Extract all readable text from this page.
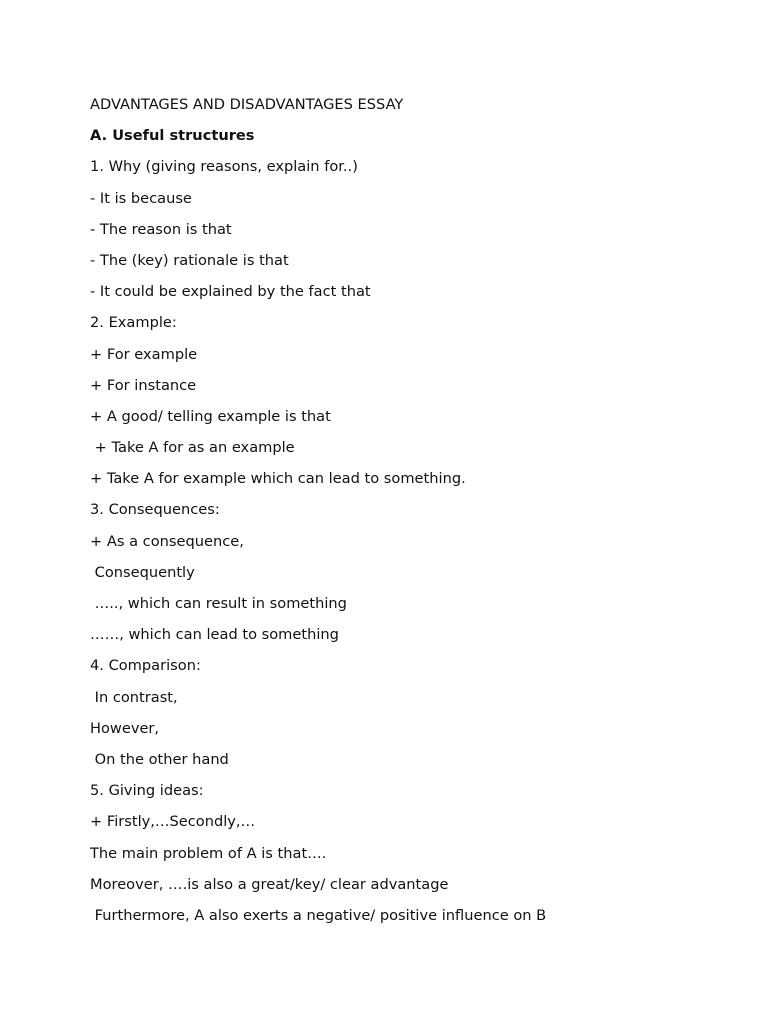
ADVANTAGES AND DISADVANTAGES ESSAY
A. Useful structures
1. Why (giving reasons, explain for..)
- It is because
- The reason is that
- The (key) rationale is that
- It could be explained by the fact that
2. Example:
+ For example
+ For instance
+ A good/ telling example is that
+ Take A for as an example
+ Take A for example which can lead to something.
3. Consequences:
+ As a consequence,
Consequently
….., which can result in something
……, which can lead to something
4. Comparison:
In contrast,
However,
On the other hand
5. Giving ideas:
+ Firstly,…Secondly,…
The main problem of A is that….
Moreover, ….is also a great/key/ clear advantage
Furthermore, A also exerts a negative/ positive influence on B
